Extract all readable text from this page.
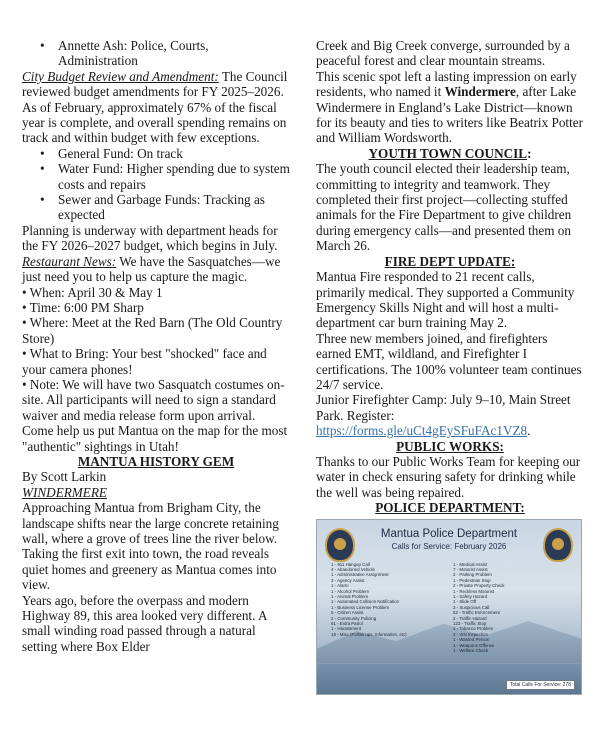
• Annette Ash: Police, Courts, Administration

City Budget Review and Amendment: The Council reviewed budget amendments for FY 2025–2026. As of February, approximately 67% of the fiscal year is complete, and overall spending remains on track and within budget with few exceptions.

• General Fund: On track
• Water Fund: Higher spending due to system costs and repairs
• Sewer and Garbage Funds: Tracking as expected

Planning is underway with department heads for the FY 2026–2027 budget, which begins in July.

Restaurant News: We have the Sasquatches—we just need you to help us capture the magic.

• When: April 30 & May 1

• Time: 6:00 PM Sharp

• Where: Meet at the Red Barn (The Old Country Store)

• What to Bring: Your best "shocked" face and your camera phones!

• Note: We will have two Sasquatch costumes on-site. All participants will need to sign a standard waiver and media release form upon arrival. Come help us put Mantua on the map for the most "authentic" sightings in Utah!

MANTUA HISTORY GEM

By Scott Larkin

WINDERMERE

Approaching Mantua from Brigham City, the landscape shifts near the large concrete retaining wall, where a grove of trees line the river below. Taking the first exit into town, the road reveals quiet homes and greenery as Mantua comes into view.

Years ago, before the overpass and modern Highway 89, this area looked very different. A small winding road passed through a natural setting where Box Elder

Creek and Big Creek converge, surrounded by a peaceful forest and clear mountain streams.

This scenic spot left a lasting impression on early residents, who named it Windermere, after Lake Windermere in England’s Lake District—known for its beauty and ties to writers like Beatrix Potter and William Wordsworth.

YOUTH TOWN COUNCIL:

The youth council elected their leadership team, committing to integrity and teamwork. They completed their first project—collecting stuffed animals for the Fire Department to give children during emergency calls—and presented them on March 26.

FIRE DEPT UPDATE:

Mantua Fire responded to 21 recent calls, primarily medical. They supported a Community Emergency Skills Night and will host a multi-department car burn training May 2.

Three new members joined, and firefighters earned EMT, wildland, and Firefighter I certifications. The 100% volunteer team continues 24/7 service.

Junior Firefighter Camp: July 9–10, Main Street Park. Register: https://forms.gle/uCt4gEySFuFAc1VZ8.

PUBLIC WORKS:

Thanks to our Public Works Team for keeping our water in check ensuring safety for drinking while the well was being repaired.

POLICE DEPARTMENT:

Mantua Police Department
Calls for Service: February 2026
1 - 911 Hangup Call
4 - Abandoned Vehicle
1 - Administrative Assignment
3 - Agency Assist
1 - Alarm
1 - Alcohol Problem
1 - Animal Problem
1 - Automated Collision Notification
1 - Business License Problem
6 - Citizen Assist
2 - Community Policing
61 - Extra Patrol
1 - Harassment
18 - Misc (Follow ups, Information, etc)
1 - Medical Assist
7 - Motorist Assist
2 - Parking Problem
1 - Pedestrian Stop
2 - Private Property Check
1 - Reckless Motorist
1 - Safety Hazard
1 - Slide Off
3 - Suspicious Call
52 - Traffic Enforcement
2 - Traffic Hazard
123 - Traffic Stop
1 - Tobacco Problem
2 - VIN Inspection
1 - Wanted Person
1 - Weapons Offense
1 - Welfare Check
Total Calls For Service: 278
